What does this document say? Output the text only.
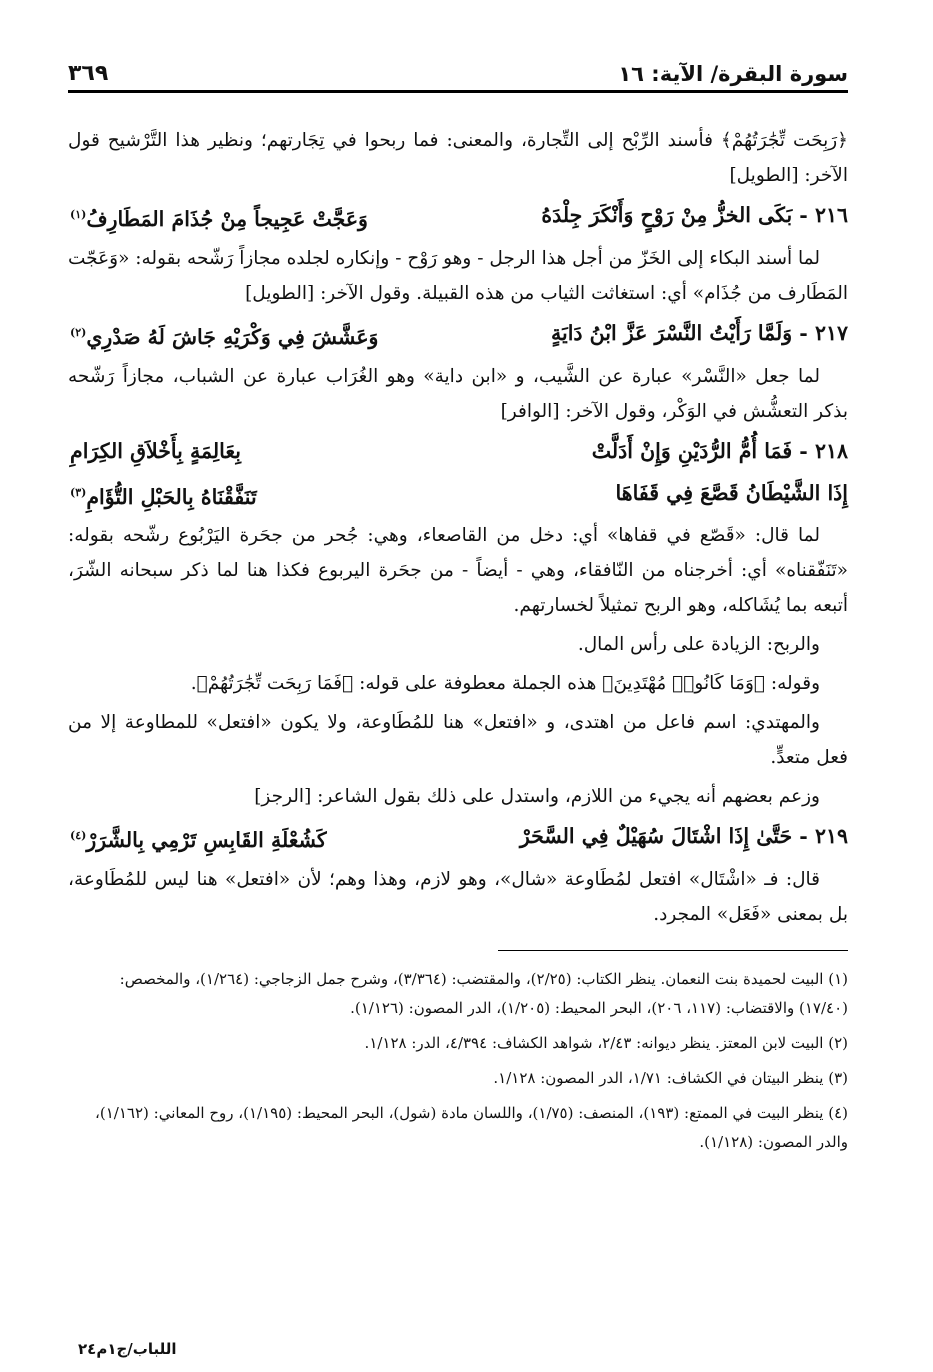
سورة البقرة/ الآية: ١٦
٣٦٩

﴿رَبِحَت تِّجَٰرَتُهُمْ﴾ فأسند الرِّبْح إلى التِّجارة، والمعنى: فما ربحوا في تِجَارتهم؛ ونظير هذا التَّرْشيح قول الآخر: [الطويل]

٢١٦ - بَكَى الخزُّ مِنْ رَوْحٍ وَأَنْكَرَ جِلْدَهُ
وَعَجَّتْ عَجِيجاً مِنْ جُذَامَ المَطَارِفُ$^{(١)}$

لما أسند البكاء إلى الخَزّ من أجل هذا الرجل - وهو رَوْح - وإنكاره لجلده مجازاً رَشّحه بقوله: «وَعَجّت المَطَارف من جُذَام» أي: استغاثت الثياب من هذه القبيلة. وقول الآخر: [الطويل]

٢١٧ - وَلَمَّا رَأَيْتُ النَّسْرَ عَزَّ ابْنُ دَايَةٍ
وَعَشَّشَ فِي وَكْرَيْهِ جَاشَ لَهُ صَدْرِي$^{(٢)}$

لما جعل «النَّسْر» عبارة عن الشَّيب، و «ابن داية» وهو الغُرَاب عبارة عن الشباب، مجازاً رَشّحه بذكر التعشُّش في الوَكْر، وقول الآخر: [الوافر]

٢١٨ - فَمَا أُمُّ الرُّدَيْنِ وَإِنْ أَدَلَّتْ
بِعَالِمَةٍ بِأَخْلاَقِ الكِرَامِ
إِذَا الشَّيْطَانُ قَصَّعَ فِي قَفَاهَا
تَنَفَّقْنَاهُ بِالحَبْلِ التُّؤَامِ$^{(٣)}$

لما قال: «قَصّع في قفاها» أي: دخل من القاصعاء، وهي: جُحر من جحَرة اليَرْبُوع رشّحه بقوله: «تَنَفّقناه» أي: أخرجناه من النّافقاء، وهي - أيضاً - من جحَرة اليربوع فكذا هنا لما ذكر سبحانه الشّرَ، أتبعه بما يُشَاكله، وهو الربح تمثيلاً لخسارتهم.

والربح: الزيادة على رأس المال.

وقوله: ﴿وَمَا كَانُوا۟ مُهْتَدِينَ﴾ هذه الجملة معطوفة على قوله: ﴿فَمَا رَبِحَت تِّجَٰرَتُهُمْ﴾.

والمهتدي: اسم فاعل من اهتدى، و «افتعل» هنا للمُطَاوعة، ولا يكون «افتعل» للمطاوعة إلا من فعل متعدٍّ.

وزعم بعضهم أنه يجيء من اللازم، واستدل على ذلك بقول الشاعر: [الرجز]

٢١٩ - حَتَّىٰ إِذَا اشْتَالَ سُهَيْلٌ فِي السَّحَرْ
كَشُعْلَةِ القَابِسِ تَرْمِي بِالشَّرَرْ$^{(٤)}$

قال: فـ «اشْتَال» افتعل لمُطَاوعة «شال»، وهو لازم، وهذا وهم؛ لأن «افتعل» هنا ليس للمُطَاوعة، بل بمعنى «فَعَل» المجرد.

(١) البيت لحميدة بنت النعمان. ينظر الكتاب: (٢/٢٥)، والمقتضب: (٣/٣٦٤)، وشرح جمل الزجاجي: (١/٢٦٤)، والمخصص: (١٧/٤٠) والاقتضاب: (١١٧، ٢٠٦)، البحر المحيط: (١/٢٠٥)، الدر المصون: (١/١٢٦).

(٢) البيت لابن المعتز. ينظر ديوانه: ٢/٤٣، شواهد الكشاف: ٤/٣٩٤، الدر: ١/١٢٨.

(٣) ينظر البيتان في الكشاف: ١/٧١، الدر المصون: ١/١٢٨.

(٤) ينظر البيت في الممتع: (١٩٣)، المنصف: (١/٧٥)، واللسان مادة (شول)، البحر المحيط: (١/١٩٥)، روح المعاني: (١/١٦٢)، والدر المصون: (١/١٢٨).

اللباب/ج١م٢٤
